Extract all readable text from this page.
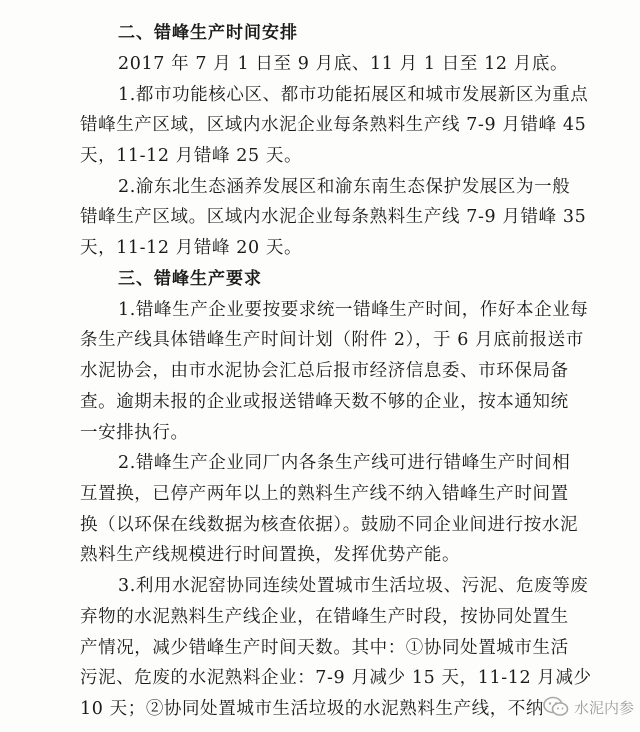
二、错峰生产时间安排
2017 年 7 月 1 日至 9 月底、11 月 1 日至 12 月底。
1.都市功能核心区、都市功能拓展区和城市发展新区为重点
错峰生产区域，区域内水泥企业每条熟料生产线 7-9 月错峰 45
天，11-12 月错峰 25 天。
2.渝东北生态涵养发展区和渝东南生态保护发展区为一般
错峰生产区域。区域内水泥企业每条熟料生产线 7-9 月错峰 35
天，11-12 月错峰 20 天。
三、错峰生产要求
1.错峰生产企业要按要求统一错峰生产时间，作好本企业每
条生产线具体错峰生产时间计划（附件 2），于 6 月底前报送市
水泥协会，由市水泥协会汇总后报市经济信息委、市环保局备
查。逾期未报的企业或报送错峰天数不够的企业，按本通知统
一安排执行。
2.错峰生产企业同厂内各条生产线可进行错峰生产时间相
互置换，已停产两年以上的熟料生产线不纳入错峰生产时间置
换（以环保在线数据为核查依据）。鼓励不同企业间进行按水泥
熟料生产线规模进行时间置换，发挥优势产能。
3.利用水泥窑协同连续处置城市生活垃圾、污泥、危废等废
弃物的水泥熟料生产线企业，在错峰生产时段，按协同处置生
产情况，减少错峰生产时间天数。其中：①协同处置城市生活
污泥、危废的水泥熟料企业：7-9 月减少 15 天，11-12 月减少
10 天；②协同处置城市生活垃圾的水泥熟料生产线，不纳	水泥内参
